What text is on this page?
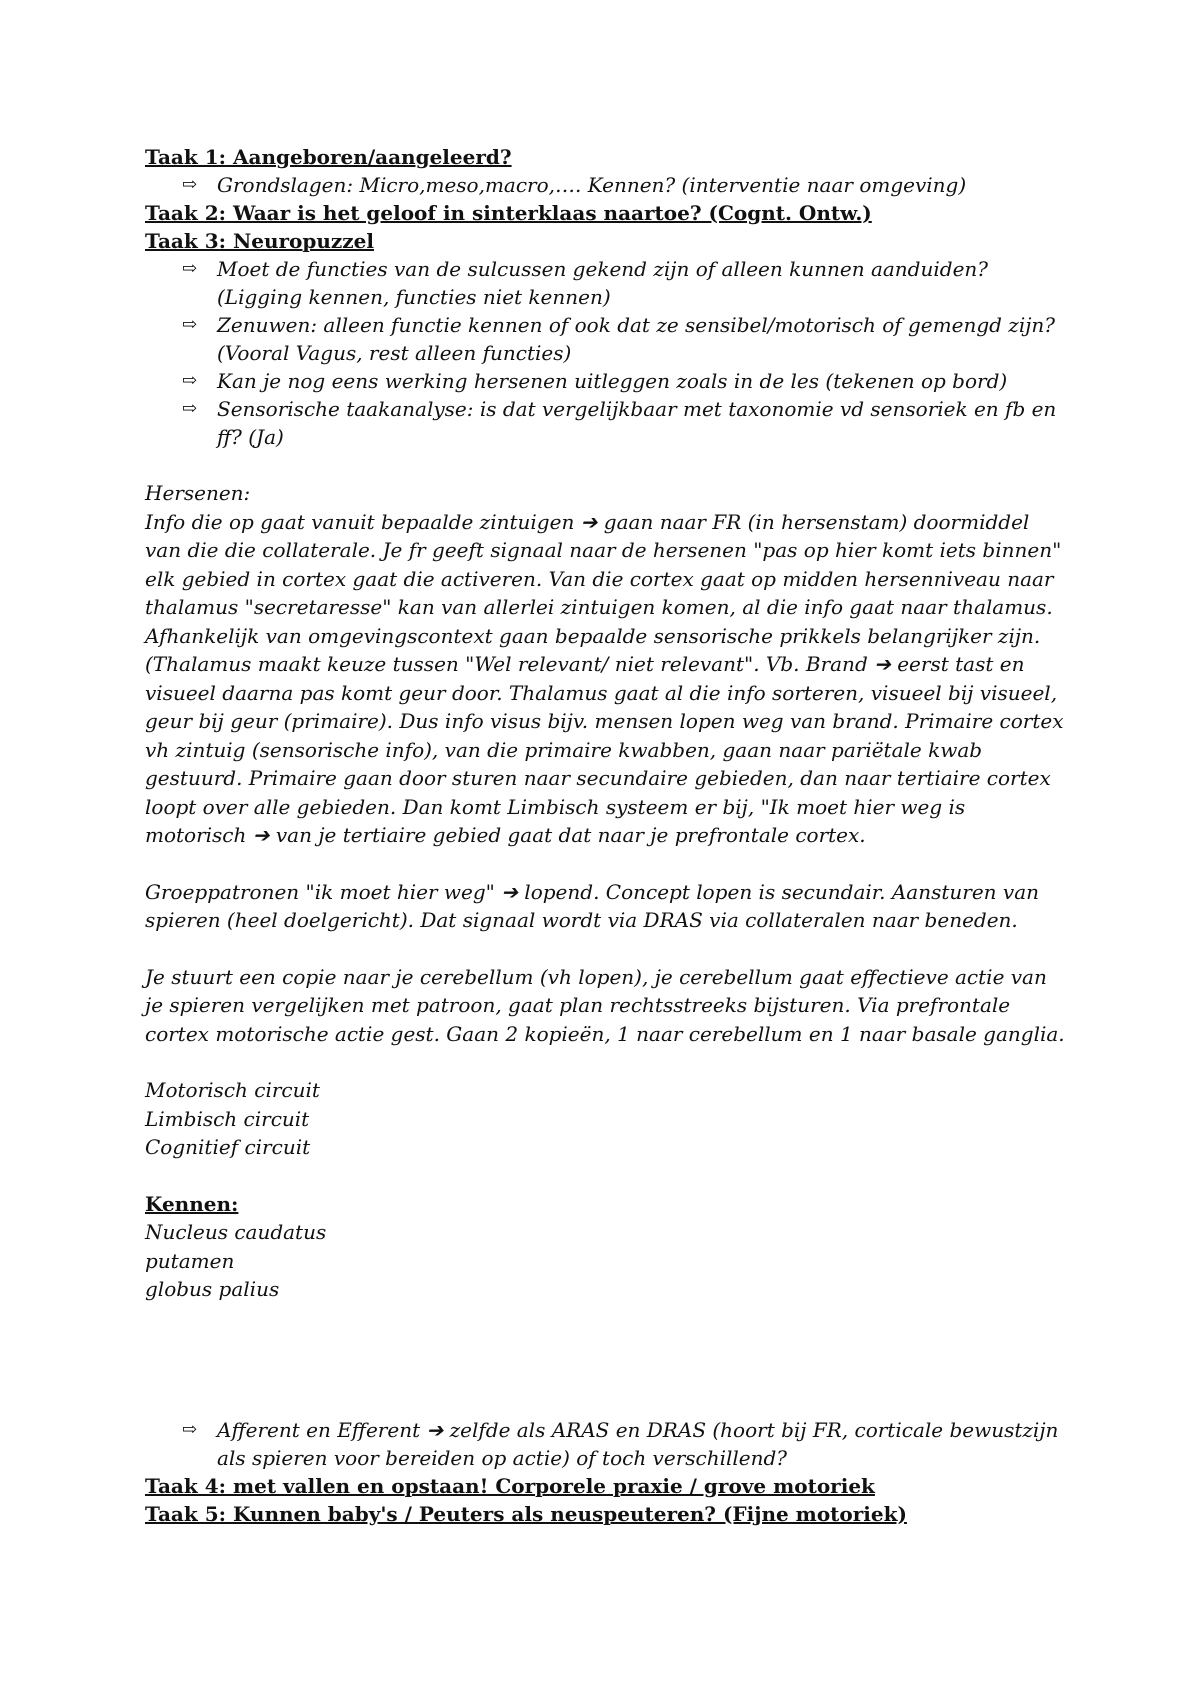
Taak 1: Aangeboren/aangeleerd?

⇨ Grondslagen: Micro,meso,macro,…. Kennen? (interventie naar omgeving)

Taak 2: Waar is het geloof in sinterklaas naartoe? (Cognt. Ontw.)

Taak 3: Neuropuzzel

⇨ Moet de functies van de sulcussen gekend zijn of alleen kunnen aanduiden? (Ligging kennen, functies niet kennen)
⇨ Zenuwen: alleen functie kennen of ook dat ze sensibel/motorisch of gemengd zijn? (Vooral Vagus, rest alleen functies)
⇨ Kan je nog eens werking hersenen uitleggen zoals in de les (tekenen op bord)
⇨ Sensorische taakanalyse: is dat vergelijkbaar met taxonomie vd sensoriek en fb en ff? (Ja)

Hersenen:

Info die op gaat vanuit bepaalde zintuigen ➔ gaan naar FR (in hersenstam) doormiddel van die die collaterale. Je fr geeft signaal naar de hersenen "pas op hier komt iets binnen" elk gebied in cortex gaat die activeren. Van die cortex gaat op midden hersenniveau naar thalamus "secretaresse" kan van allerlei zintuigen komen, al die info gaat naar thalamus. Afhankelijk van omgevingscontext gaan bepaalde sensorische prikkels belangrijker zijn. (Thalamus maakt keuze tussen "Wel relevant/ niet relevant". Vb. Brand ➔ eerst tast en visueel daarna pas komt geur door. Thalamus gaat al die info sorteren, visueel bij visueel, geur bij geur (primaire). Dus info visus bijv. mensen lopen weg van brand. Primaire cortex vh zintuig (sensorische info), van die primaire kwabben, gaan naar pariëtale kwab gestuurd. Primaire gaan door sturen naar secundaire gebieden, dan naar tertiaire cortex loopt over alle gebieden. Dan komt Limbisch systeem er bij, "Ik moet hier weg is motorisch ➔ van je tertiaire gebied gaat dat naar je prefrontale cortex.

Groeppatronen "ik moet hier weg" ➔ lopend. Concept lopen is secundair. Aansturen van spieren (heel doelgericht). Dat signaal wordt via DRAS via collateralen naar beneden.

Je stuurt een copie naar je cerebellum (vh lopen), je cerebellum gaat effectieve actie van je spieren vergelijken met patroon, gaat plan rechtsstreeks bijsturen. Via prefrontale cortex motorische actie gest. Gaan 2 kopieën, 1 naar cerebellum en 1 naar basale ganglia.

Motorisch circuit
Limbisch circuit
Cognitief circuit

Kennen:

Nucleus caudatus
putamen
globus palius
⇨ Afferent en Efferent ➔ zelfde als ARAS en DRAS (hoort bij FR, corticale bewustzijn als spieren voor bereiden op actie) of toch verschillend?

Taak 4: met vallen en opstaan! Corporele praxie / grove motoriek

Taak 5: Kunnen baby's / Peuters als neuspeuteren? (Fijne motoriek)
